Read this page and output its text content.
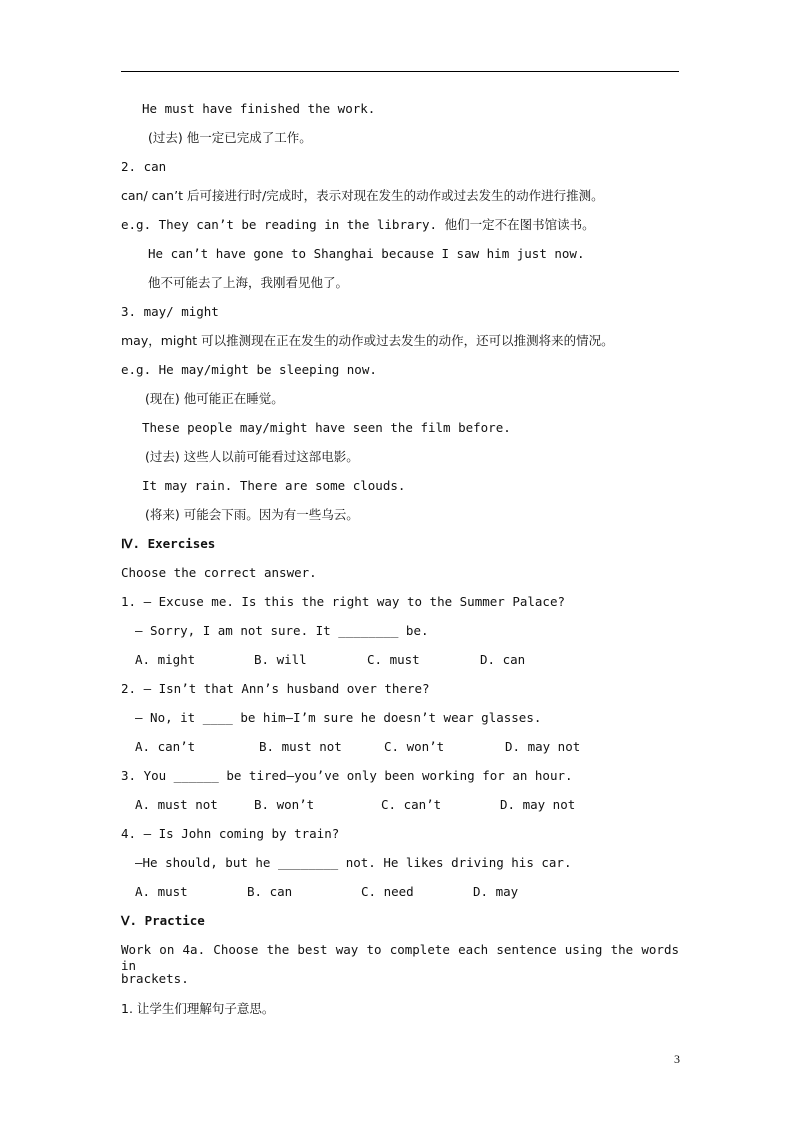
He must have finished the work.
(过去) 他一定已完成了工作。
2. can
can/ can’t 后可接进行时/完成时，表示对现在发生的动作或过去发生的动作进行推测。
e.g. They can’t be reading in the library. 他们一定不在图书馆读书。
He can’t have gone to Shanghai because I saw him just now.
他不可能去了上海，我刚看见他了。
3. may/ might
may，might 可以推测现在正在发生的动作或过去发生的动作，还可以推测将来的情况。
e.g. He may/might be sleeping now.
(现在) 他可能正在睡觉。
These people may/might have seen the film before.
(过去) 这些人以前可能看过这部电影。
It may rain. There are some clouds.
(将来) 可能会下雨。因为有一些乌云。
Ⅳ. Exercises
Choose the correct answer.
1. — Excuse me. Is this the right way to the Summer Palace?
— Sorry, I am not sure. It ________ be.
A. might	B. will	C. must	D. can
2. — Isn’t that Ann’s husband over there?
— No, it ____ be him—I’m sure he doesn’t wear glasses.
A. can’t	B. must not	C. won’t	D. may not
3. You ______ be tired—you’ve only been working for an hour.
A. must not	B. won’t	C. can’t	D. may not
4. — Is John coming by train?
—He should, but he ________ not. He likes driving his car.
A. must	B. can	C. need	D. may
Ⅴ. Practice
Work on 4a. Choose the best way to complete each sentence using the words in
brackets.
1. 让学生们理解句子意思。
3
